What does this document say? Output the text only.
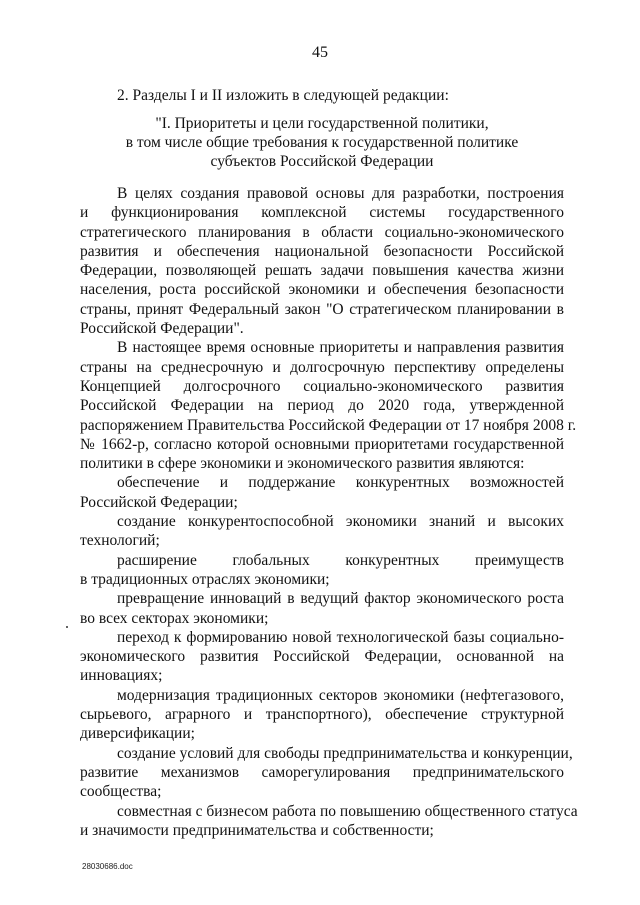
45
2. Разделы I и II изложить в следующей редакции:
"I. Приоритеты и цели государственной политики,
в том числе общие требования к государственной политике
субъектов Российской Федерации
В целях создания правовой основы для разработки, построения
и функционирования комплексной системы государственного
стратегического планирования в области социально-экономического
развития и обеспечения национальной безопасности Российской
Федерации, позволяющей решать задачи повышения качества жизни
населения, роста российской экономики и обеспечения безопасности
страны, принят Федеральный закон "О стратегическом планировании в
Российской Федерации".
В настоящее время основные приоритеты и направления развития
страны на среднесрочную и долгосрочную перспективу определены
Концепцией долгосрочного социально-экономического развития
Российской Федерации на период до 2020 года, утвержденной
распоряжением Правительства Российской Федерации от 17 ноября 2008 г.
№ 1662-р, согласно которой основными приоритетами государственной
политики в сфере экономики и экономического развития являются:
обеспечение и поддержание конкурентных возможностей
Российской Федерации;
создание конкурентоспособной экономики знаний и высоких
технологий;
расширение глобальных конкурентных преимуществ
в традиционных отраслях экономики;
превращение инноваций в ведущий фактор экономического роста
во всех секторах экономики;
переход к формированию новой технологической базы социально-
экономического развития Российской Федерации, основанной на
инновациях;
модернизация традиционных секторов экономики (нефтегазового,
сырьевого, аграрного и транспортного), обеспечение структурной
диверсификации;
создание условий для свободы предпринимательства и конкуренции,
развитие механизмов саморегулирования предпринимательского
сообщества;
совместная с бизнесом работа по повышению общественного статуса
и значимости предпринимательства и собственности;
28030686.doc
